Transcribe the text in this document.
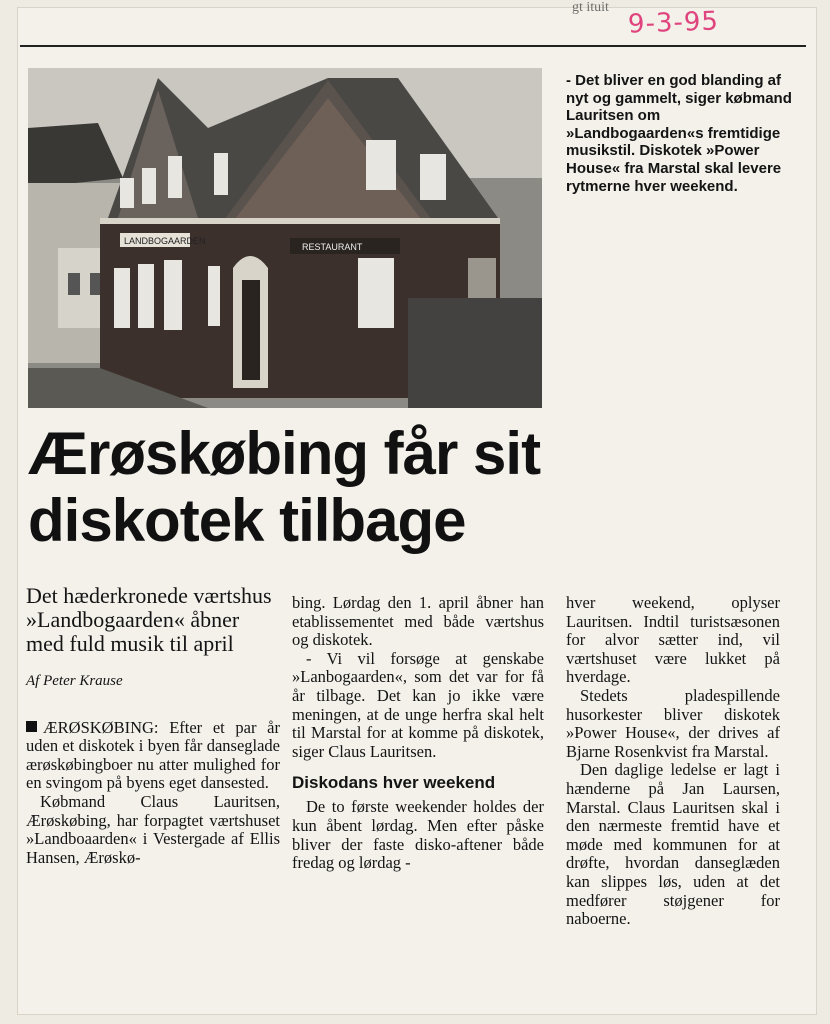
gt ituit 9-3-95
LANDBOGAARDEN
RESTAURANT
- Det bliver en god blanding af nyt og gammelt, siger købmand Lauritsen om »Landbogaarden«s fremtidige musikstil. Diskotek »Power House« fra Marstal skal levere rytmerne hver weekend.
Ærøskøbing får sit
diskotek tilbage
Det hæderkronede værtshus »Landbogaarden« åbner med fuld musik til april
Af Peter Krause

ÆRØSKØBING: Efter et par år uden et diskotek i byen får danseglade ærøskøbingboer nu atter mulighed for en svingom på byens eget dansested.

Købmand Claus Lauritsen, Ærøskøbing, har forpagtet værtshuset »Landboaarden« i Vestergade af Ellis Hansen, Ærøskø-

bing. Lørdag den 1. april åbner han etablissementet med både værtshus og diskotek.

- Vi vil forsøge at genskabe »Lanbogaarden«, som det var for få år tilbage. Det kan jo ikke være meningen, at de unge herfra skal helt til Marstal for at komme på diskotek, siger Claus Lauritsen.

Diskodans hver weekend

De to første weekender holdes der kun åbent lørdag. Men efter påske bliver der faste disko-aftener både fredag og lørdag -

hver weekend, oplyser Lauritsen. Indtil turistsæsonen for alvor sætter ind, vil værtshuset være lukket på hverdage.

Stedets pladespillende husorkester bliver diskotek »Power House«, der drives af Bjarne Rosenkvist fra Marstal.

Den daglige ledelse er lagt i hænderne på Jan Laursen, Marstal. Claus Lauritsen skal i den nærmeste fremtid have et møde med kommunen for at drøfte, hvordan danseglæden kan slippes løs, uden at det medfører støjgener for naboerne.
